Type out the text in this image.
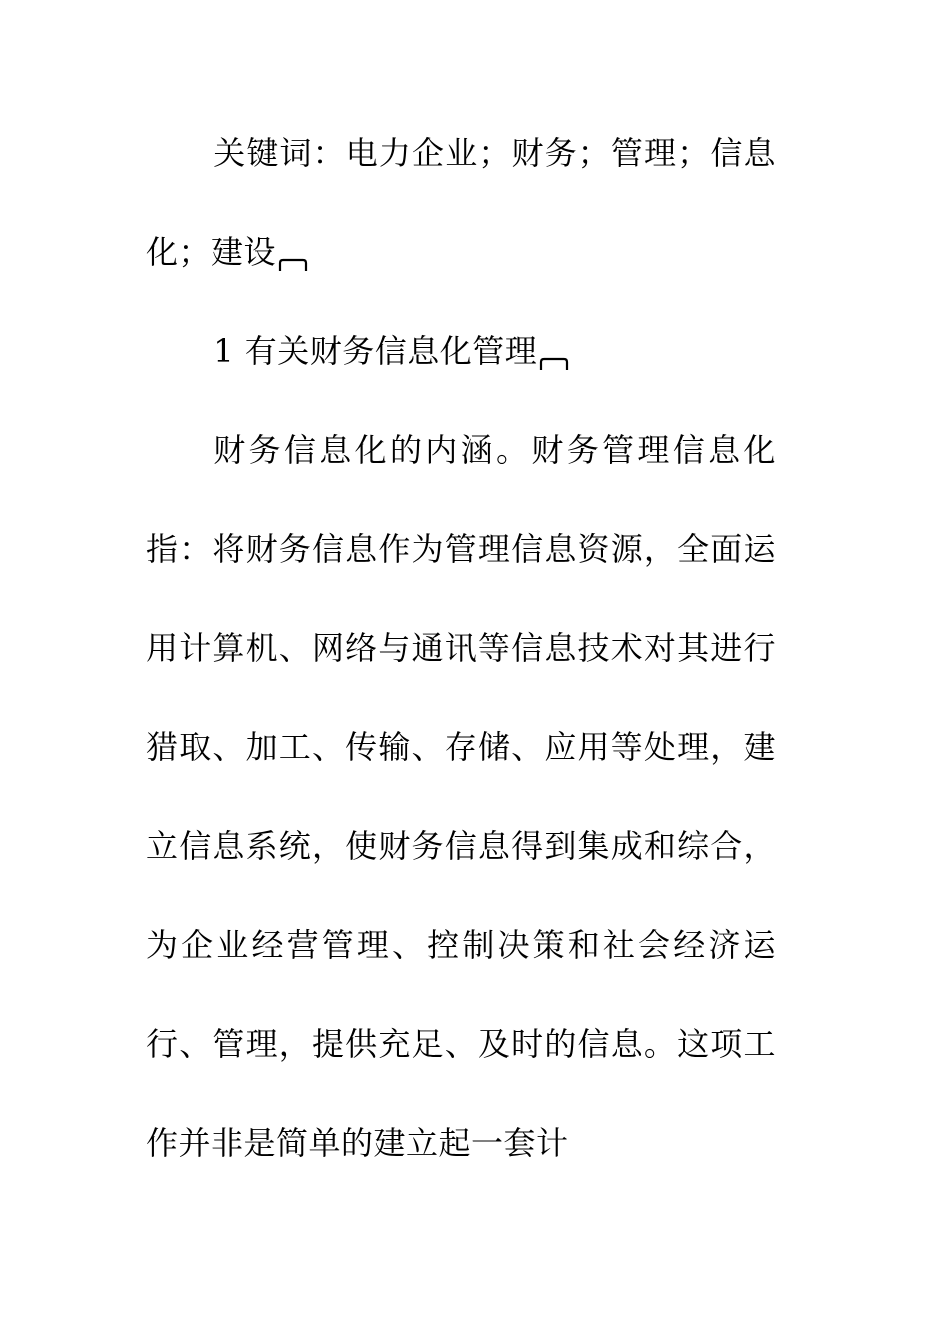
关键词：电力企业；财务；管理；信息化；建设

1 有关财务信息化管理

财务信息化的内涵。财务管理信息化指：将财务信息作为管理信息资源，全面运用计算机、网络与通讯等信息技术对其进行猎取、加工、传输、存储、应用等处理，建立信息系统，使财务信息得到集成和综合，为企业经营管理、控制决策和社会经济运行、管理，提供充足、及时的信息。这项工作并非是简单的建立起一套计
